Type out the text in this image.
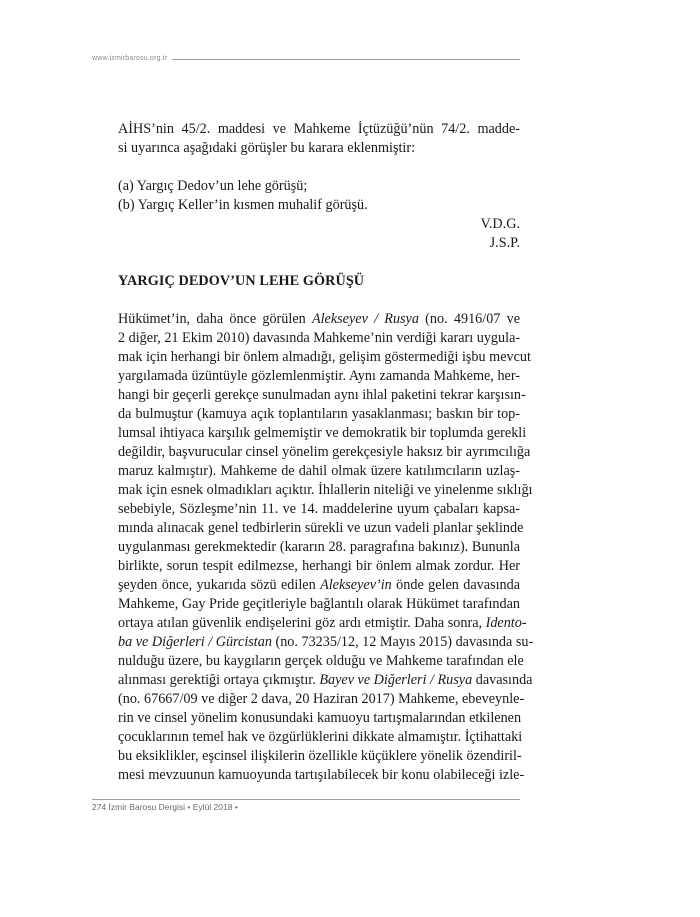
www.izmirbarosu.org.tr
AİHS’nin 45/2. maddesi ve Mahkeme İçtüzüğü’nün 74/2. madde-
si uyarınca aşağıdaki görüşler bu karara eklenmiştir:
(a) Yargıç Dedov’un lehe görüşü;
(b) Yargıç Keller’in kısmen muhalif görüşü.

V.D.G.

J.S.P.

YARGIÇ DEDOV’UN LEHE GÖRÜŞÜ

Hükümet’in, daha önce görülen Alekseyev / Rusya (no. 4916/07 ve
2 diğer, 21 Ekim 2010) davasında Mahkeme’nin verdiği kararı uygula-
mak için herhangi bir önlem almadığı, gelişim göstermediği işbu mevcut
yargılamada üzüntüyle gözlemlenmiştir. Aynı zamanda Mahkeme, her-
hangi bir geçerli gerekçe sunulmadan aynı ihlal paketini tekrar karşısın-
da bulmuştur (kamuya açık toplantıların yasaklanması; baskın bir top-
lumsal ihtiyaca karşılık gelmemiştir ve demokratik bir toplumda gerekli
değildir, başvurucular cinsel yönelim gerekçesiyle haksız bir ayrımcılığa
maruz kalmıştır). Mahkeme de dahil olmak üzere katılımcıların uzlaş-
mak için esnek olmadıkları açıktır. İhlallerin niteliği ve yinelenme sıklığı
sebebiyle, Sözleşme’nin 11. ve 14. maddelerine uyum çabaları kapsa-
mında alınacak genel tedbirlerin sürekli ve uzun vadeli planlar şeklinde
uygulanması gerekmektedir (kararın 28. paragrafına bakınız). Bununla
birlikte, sorun tespit edilmezse, herhangi bir önlem almak zordur. Her
şeyden önce, yukarıda sözü edilen Alekseyev’in önde gelen davasında
Mahkeme, Gay Pride geçitleriyle bağlantılı olarak Hükümet tarafından
ortaya atılan güvenlik endişelerini göz ardı etmiştir. Daha sonra, Idento-
ba ve Diğerleri / Gürcistan (no. 73235/12, 12 Mayıs 2015) davasında su-
nulduğu üzere, bu kaygıların gerçek olduğu ve Mahkeme tarafından ele
alınması gerektiği ortaya çıkmıştır. Bayev ve Diğerleri / Rusya davasında
(no. 67667/09 ve diğer 2 dava, 20 Haziran 2017) Mahkeme, ebeveynle-
rin ve cinsel yönelim konusundaki kamuoyu tartışmalarından etkilenen
çocuklarının temel hak ve özgürlüklerini dikkate almamıştır. İçtihattaki
bu eksiklikler, eşcinsel ilişkilerin özellikle küçüklere yönelik özendiril-
mesi mevzuunun kamuoyunda tartışılabilecek bir konu olabileceği izle-
274 İzmir Barosu Dergisi • Eylül 2018 •
